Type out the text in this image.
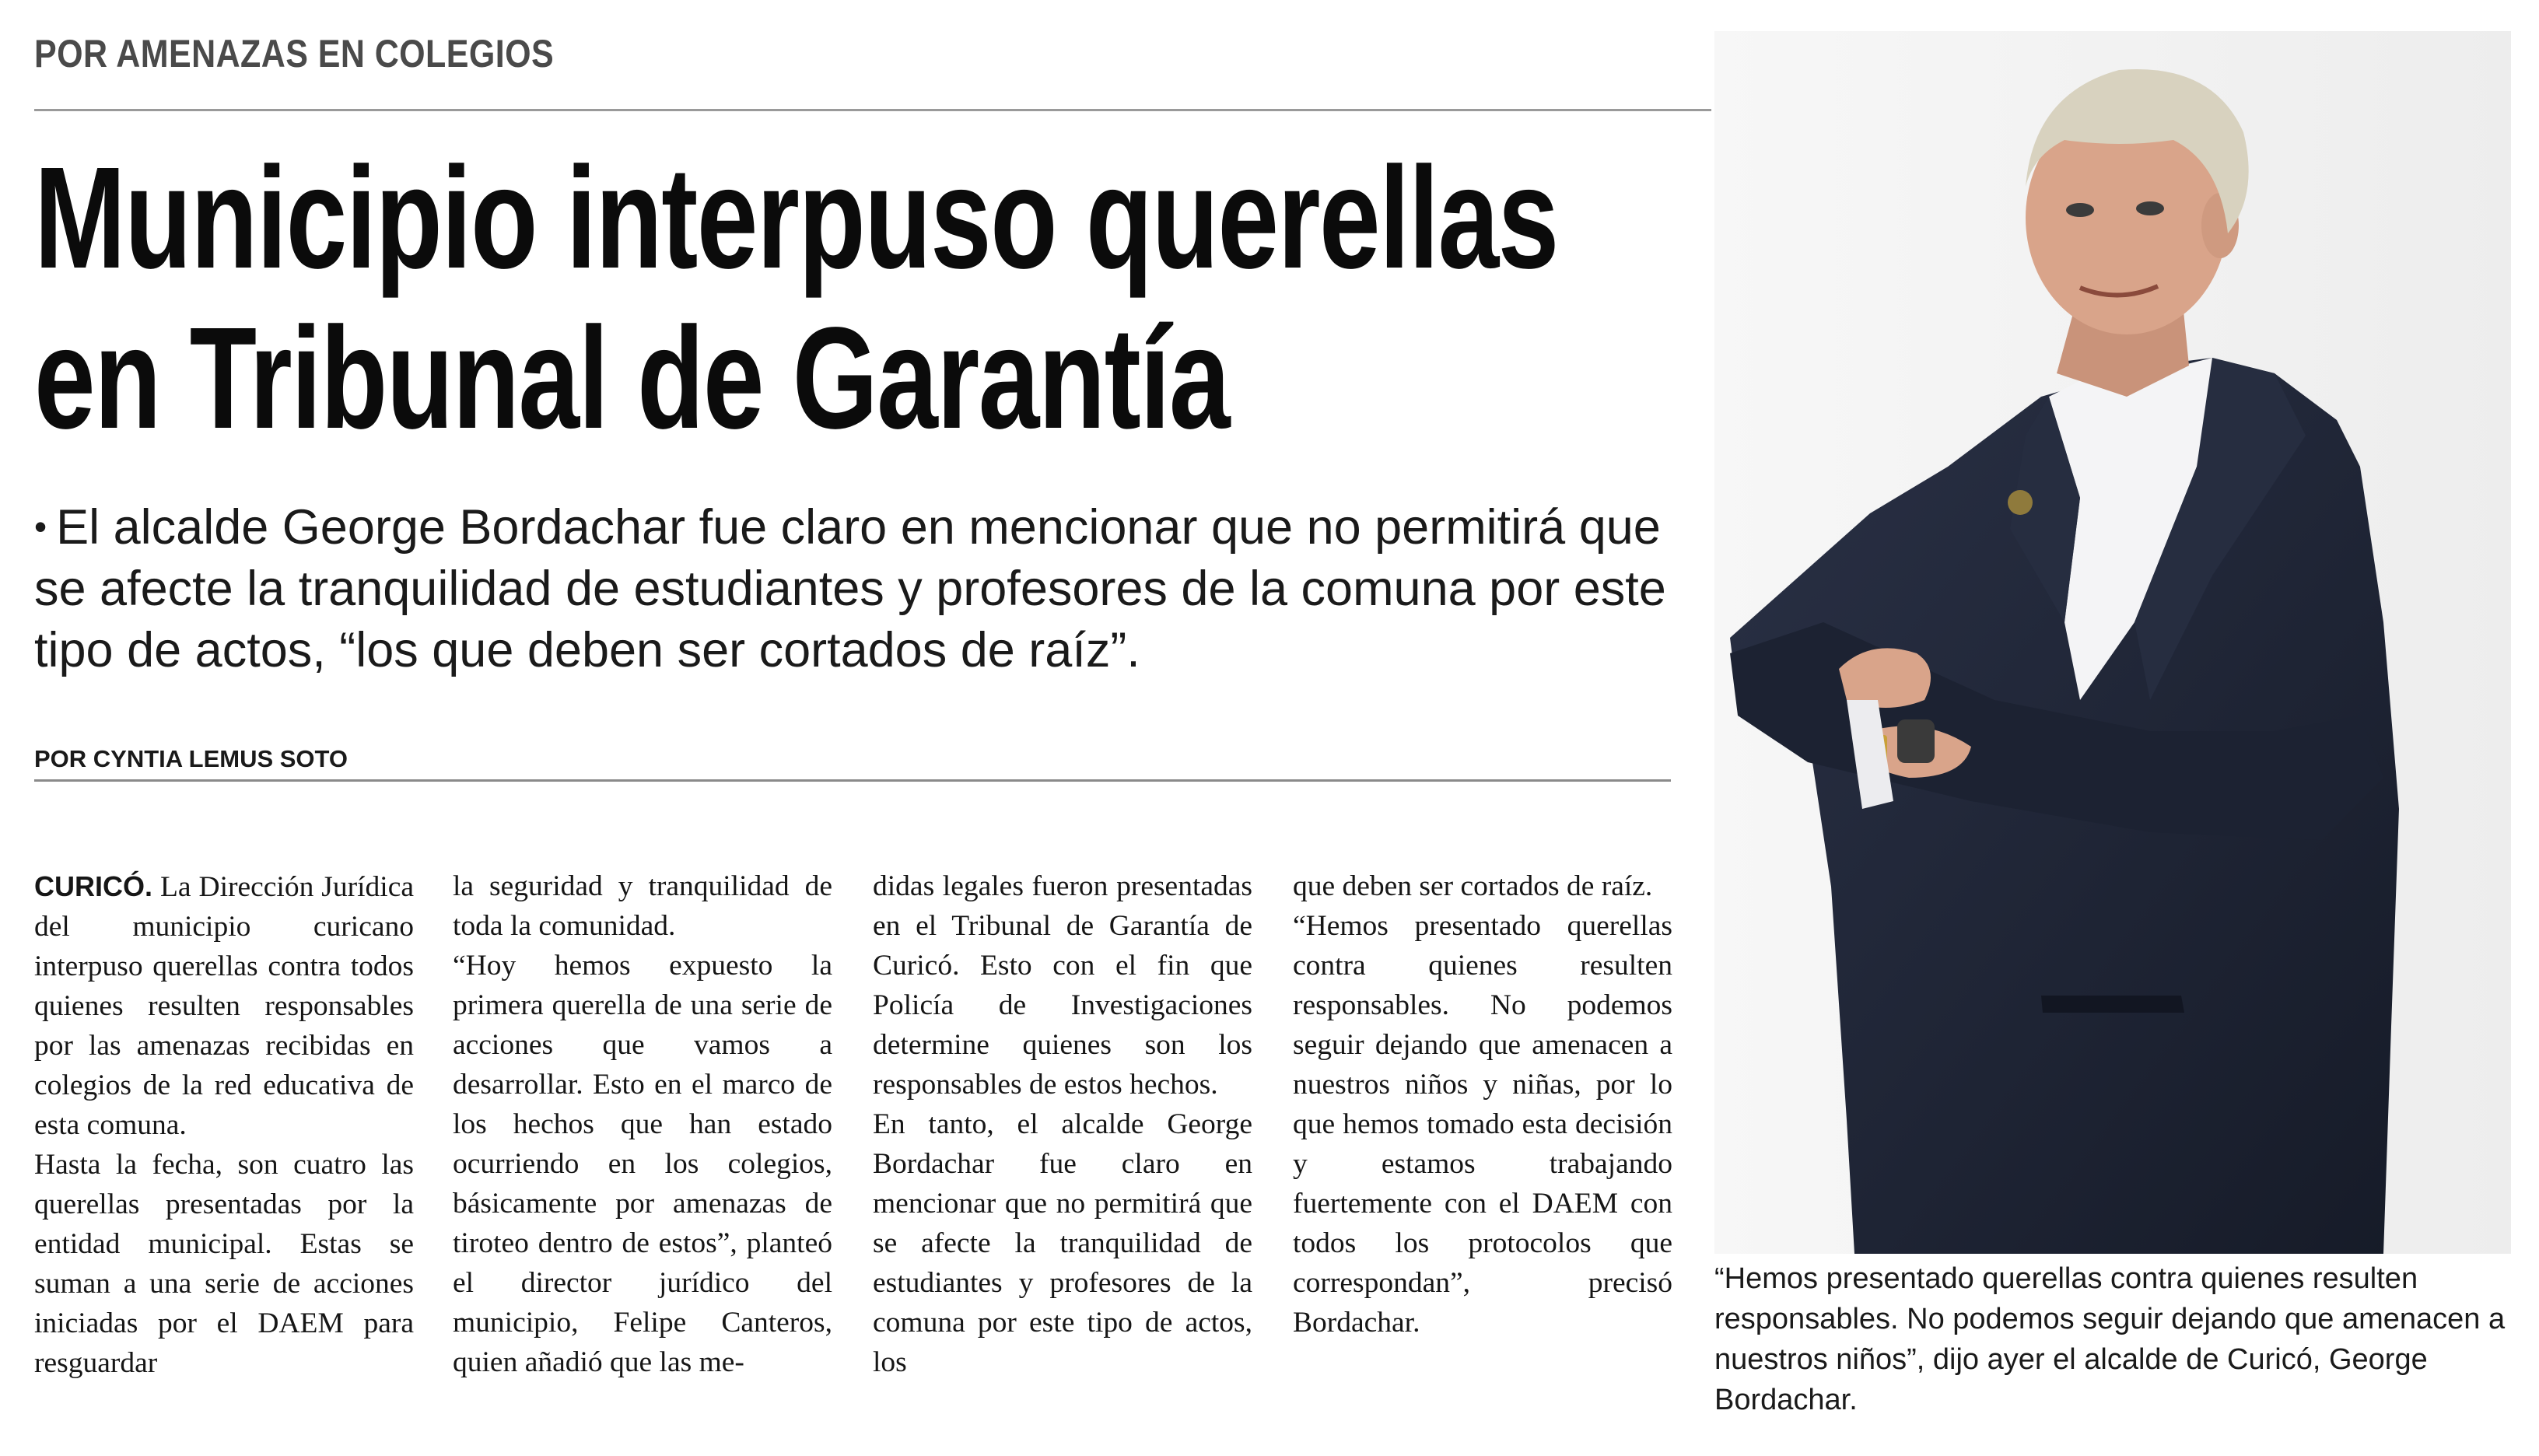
POR AMENAZAS EN COLEGIOS
Municipio interpuso querellas
en Tribunal de Garantía
• El alcalde George Bordachar fue claro en mencionar que no permitirá que se afecte la tranquilidad de estudiantes y profesores de la comuna por este tipo de actos, “los que deben ser cortados de raíz”.
POR CYNTIA LEMUS SOTO

CURICÓ. La Dirección Jurídica del municipio curicano interpuso querellas contra todos quienes resulten responsables por las amenazas recibidas en colegios de la red educativa de esta comuna.

Hasta la fecha, son cuatro las querellas presentadas por la entidad municipal. Estas se suman a una serie de acciones iniciadas por el DAEM para resguardar

la seguridad y tranquilidad de toda la comunidad.

“Hoy hemos expuesto la primera querella de una serie de acciones que vamos a desarrollar. Esto en el marco de los hechos que han estado ocurriendo en los colegios, básicamente por amenazas de tiroteo dentro de estos”, planteó el director jurídico del municipio, Felipe Canteros, quien añadió que las me-

didas legales fueron presentadas en el Tribunal de Garantía de Curicó. Esto con el fin que Policía de Investigaciones determine quienes son los responsables de estos hechos.

En tanto, el alcalde George Bordachar fue claro en mencionar que no permitirá que se afecte la tranquilidad de estudiantes y profesores de la comuna por este tipo de actos, los

que deben ser cortados de raíz.

“Hemos presentado querellas contra quienes resulten responsables. No podemos seguir dejando que amenacen a nuestros niños y niñas, por lo que hemos tomado esta decisión y estamos trabajando fuertemente con el DAEM con todos los protocolos que correspondan”, precisó Bordachar.

“Hemos presentado querellas contra quienes resulten responsables. No podemos seguir dejando que amenacen a nuestros niños”, dijo ayer el alcalde de Curicó, George Bordachar.
